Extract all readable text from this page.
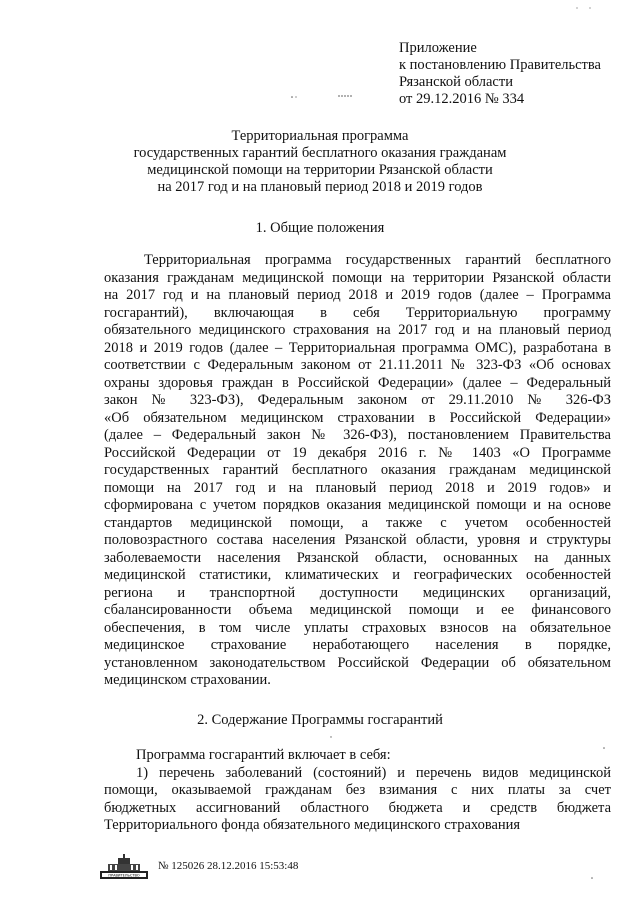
Приложение
к постановлению Правительства
Рязанской области
от 29.12.2016 № 334
Территориальная программа
государственных гарантий бесплатного оказания гражданам
медицинской помощи на территории Рязанской области
на 2017 год и на плановый период 2018 и 2019 годов
1. Общие положения
Территориальная программа государственных гарантий бесплатного
оказания гражданам медицинской помощи на территории Рязанской области
на 2017 год и на плановый период 2018 и 2019 годов (далее – Программа
госгарантий), включающая в себя Территориальную программу
обязательного медицинского страхования на 2017 год и на плановый период
2018 и 2019 годов (далее – Территориальная программа ОМС), разработана в
соответствии с Федеральным законом от 21.11.2011 № 323-ФЗ «Об основах
охраны здоровья граждан в Российской Федерации» (далее – Федеральный
закон № 323-ФЗ), Федеральным законом от 29.11.2010 № 326-ФЗ
«Об обязательном медицинском страховании в Российской Федерации»
(далее – Федеральный закон № 326-ФЗ), постановлением Правительства
Российской Федерации от 19 декабря 2016 г. № 1403 «О Программе
государственных гарантий бесплатного оказания гражданам медицинской
помощи на 2017 год и на плановый период 2018 и 2019 годов» и
сформирована с учетом порядков оказания медицинской помощи и на основе
стандартов медицинской помощи, а также с учетом особенностей
половозрастного состава населения Рязанской области, уровня и структуры
заболеваемости населения Рязанской области, основанных на данных
медицинской статистики, климатических и географических особенностей
региона и транспортной доступности медицинских организаций,
сбалансированности объема медицинской помощи и ее финансового
обеспечения, в том числе уплаты страховых взносов на обязательное
медицинское страхование неработающего населения в порядке,
установленном законодательством Российской Федерации об обязательном
медицинском страховании.
2. Содержание Программы госгарантий
Программа госгарантий включает в себя:
1) перечень заболеваний (состояний) и перечень видов медицинской
помощи, оказываемой гражданам без взимания с них платы за счет
бюджетных ассигнований областного бюджета и средств бюджета
Территориального фонда обязательного медицинского страхования
ПРАВИТЕЛЬСТВО
№ 125026 28.12.2016 15:53:48
